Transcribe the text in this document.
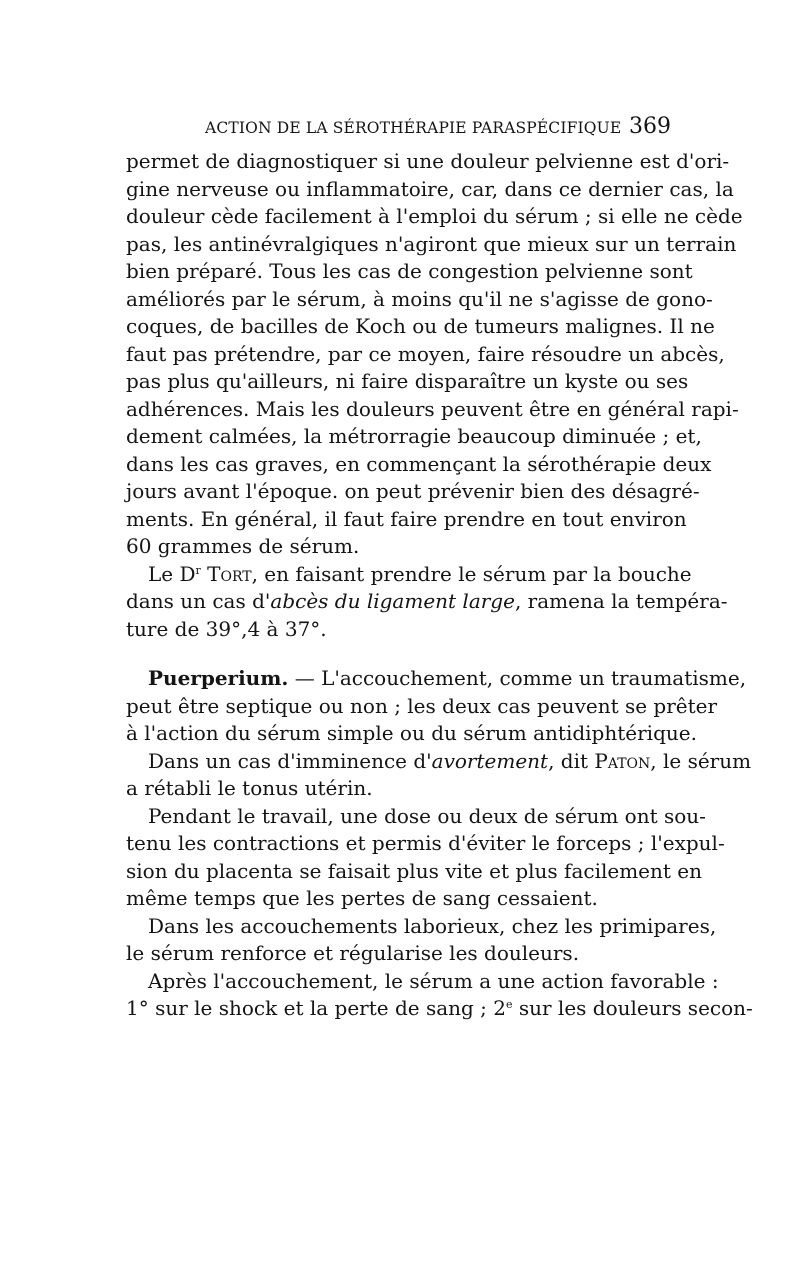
ACTION DE LA SÉROTHÉRAPIE PARASPÉCIFIQUE 369
permet de diagnostiquer si une douleur pelvienne est d'ori-
gine nerveuse ou inflammatoire, car, dans ce dernier cas, la
douleur cède facilement à l'emploi du sérum ; si elle ne cède
pas, les antinévralgiques n'agiront que mieux sur un terrain
bien préparé. Tous les cas de congestion pelvienne sont
améliorés par le sérum, à moins qu'il ne s'agisse de gono-
coques, de bacilles de Koch ou de tumeurs malignes. Il ne
faut pas prétendre, par ce moyen, faire résoudre un abcès,
pas plus qu'ailleurs, ni faire disparaître un kyste ou ses
adhérences. Mais les douleurs peuvent être en général rapi-
dement calmées, la métrorragie beaucoup diminuée ; et,
dans les cas graves, en commençant la sérothérapie deux
jours avant l'époque. on peut prévenir bien des désagré-
ments. En général, il faut faire prendre en tout environ
60 grammes de sérum.
Le $D^r$ Tort, en faisant prendre le sérum par la bouche
dans un cas d'abcès du ligament large, ramena la tempéra-
ture de 39°,4 à 37°.
Puerperium. — L'accouchement, comme un traumatisme,
peut être septique ou non ; les deux cas peuvent se prêter
à l'action du sérum simple ou du sérum antidiphtérique.
Dans un cas d'imminence d'avortement, dit Paton, le sérum
a rétabli le tonus utérin.
Pendant le travail, une dose ou deux de sérum ont sou-
tenu les contractions et permis d'éviter le forceps ; l'expul-
sion du placenta se faisait plus vite et plus facilement en
même temps que les pertes de sang cessaient.
Dans les accouchements laborieux, chez les primipares,
le sérum renforce et régularise les douleurs.
Après l'accouchement, le sérum a une action favorable :
1° sur le shock et la perte de sang ; 2e sur les douleurs secon-
